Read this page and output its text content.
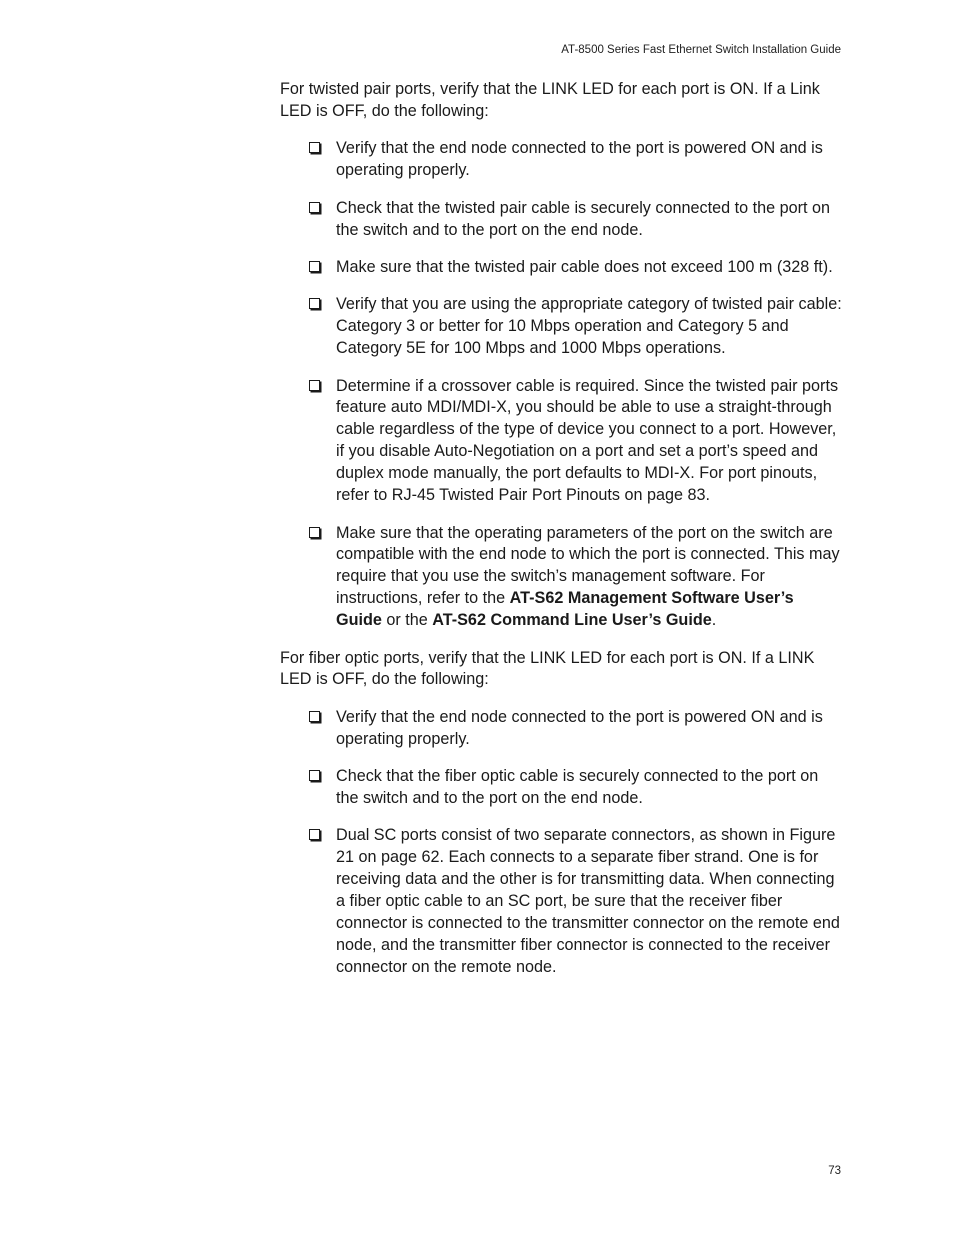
AT-8500 Series Fast Ethernet Switch Installation Guide

For twisted pair ports, verify that the LINK LED for each port is ON. If a Link LED is OFF, do the following:

Verify that the end node connected to the port is powered ON and is operating properly.
Check that the twisted pair cable is securely connected to the port on the switch and to the port on the end node.
Make sure that the twisted pair cable does not exceed 100 m (328 ft).
Verify that you are using the appropriate category of twisted pair cable: Category 3 or better for 10 Mbps operation and Category 5 and Category 5E for 100 Mbps and 1000 Mbps operations.
Determine if a crossover cable is required. Since the twisted pair ports feature auto MDI/MDI-X, you should be able to use a straight-through cable regardless of the type of device you connect to a port. However, if you disable Auto-Negotiation on a port and set a port’s speed and duplex mode manually, the port defaults to MDI-X. For port pinouts, refer to RJ-45 Twisted Pair Port Pinouts on page 83.
Make sure that the operating parameters of the port on the switch are compatible with the end node to which the port is connected. This may require that you use the switch’s management software. For instructions, refer to the AT-S62 Management Software User’s Guide or the AT-S62 Command Line User’s Guide.

For fiber optic ports, verify that the LINK LED for each port is ON. If a LINK LED is OFF, do the following:

Verify that the end node connected to the port is powered ON and is operating properly.
Check that the fiber optic cable is securely connected to the port on the switch and to the port on the end node.
Dual SC ports consist of two separate connectors, as shown in Figure 21 on page 62. Each connects to a separate fiber strand. One is for receiving data and the other is for transmitting data. When connecting a fiber optic cable to an SC port, be sure that the receiver fiber connector is connected to the transmitter connector on the remote end node, and the transmitter fiber connector is connected to the receiver connector on the remote node.
73
